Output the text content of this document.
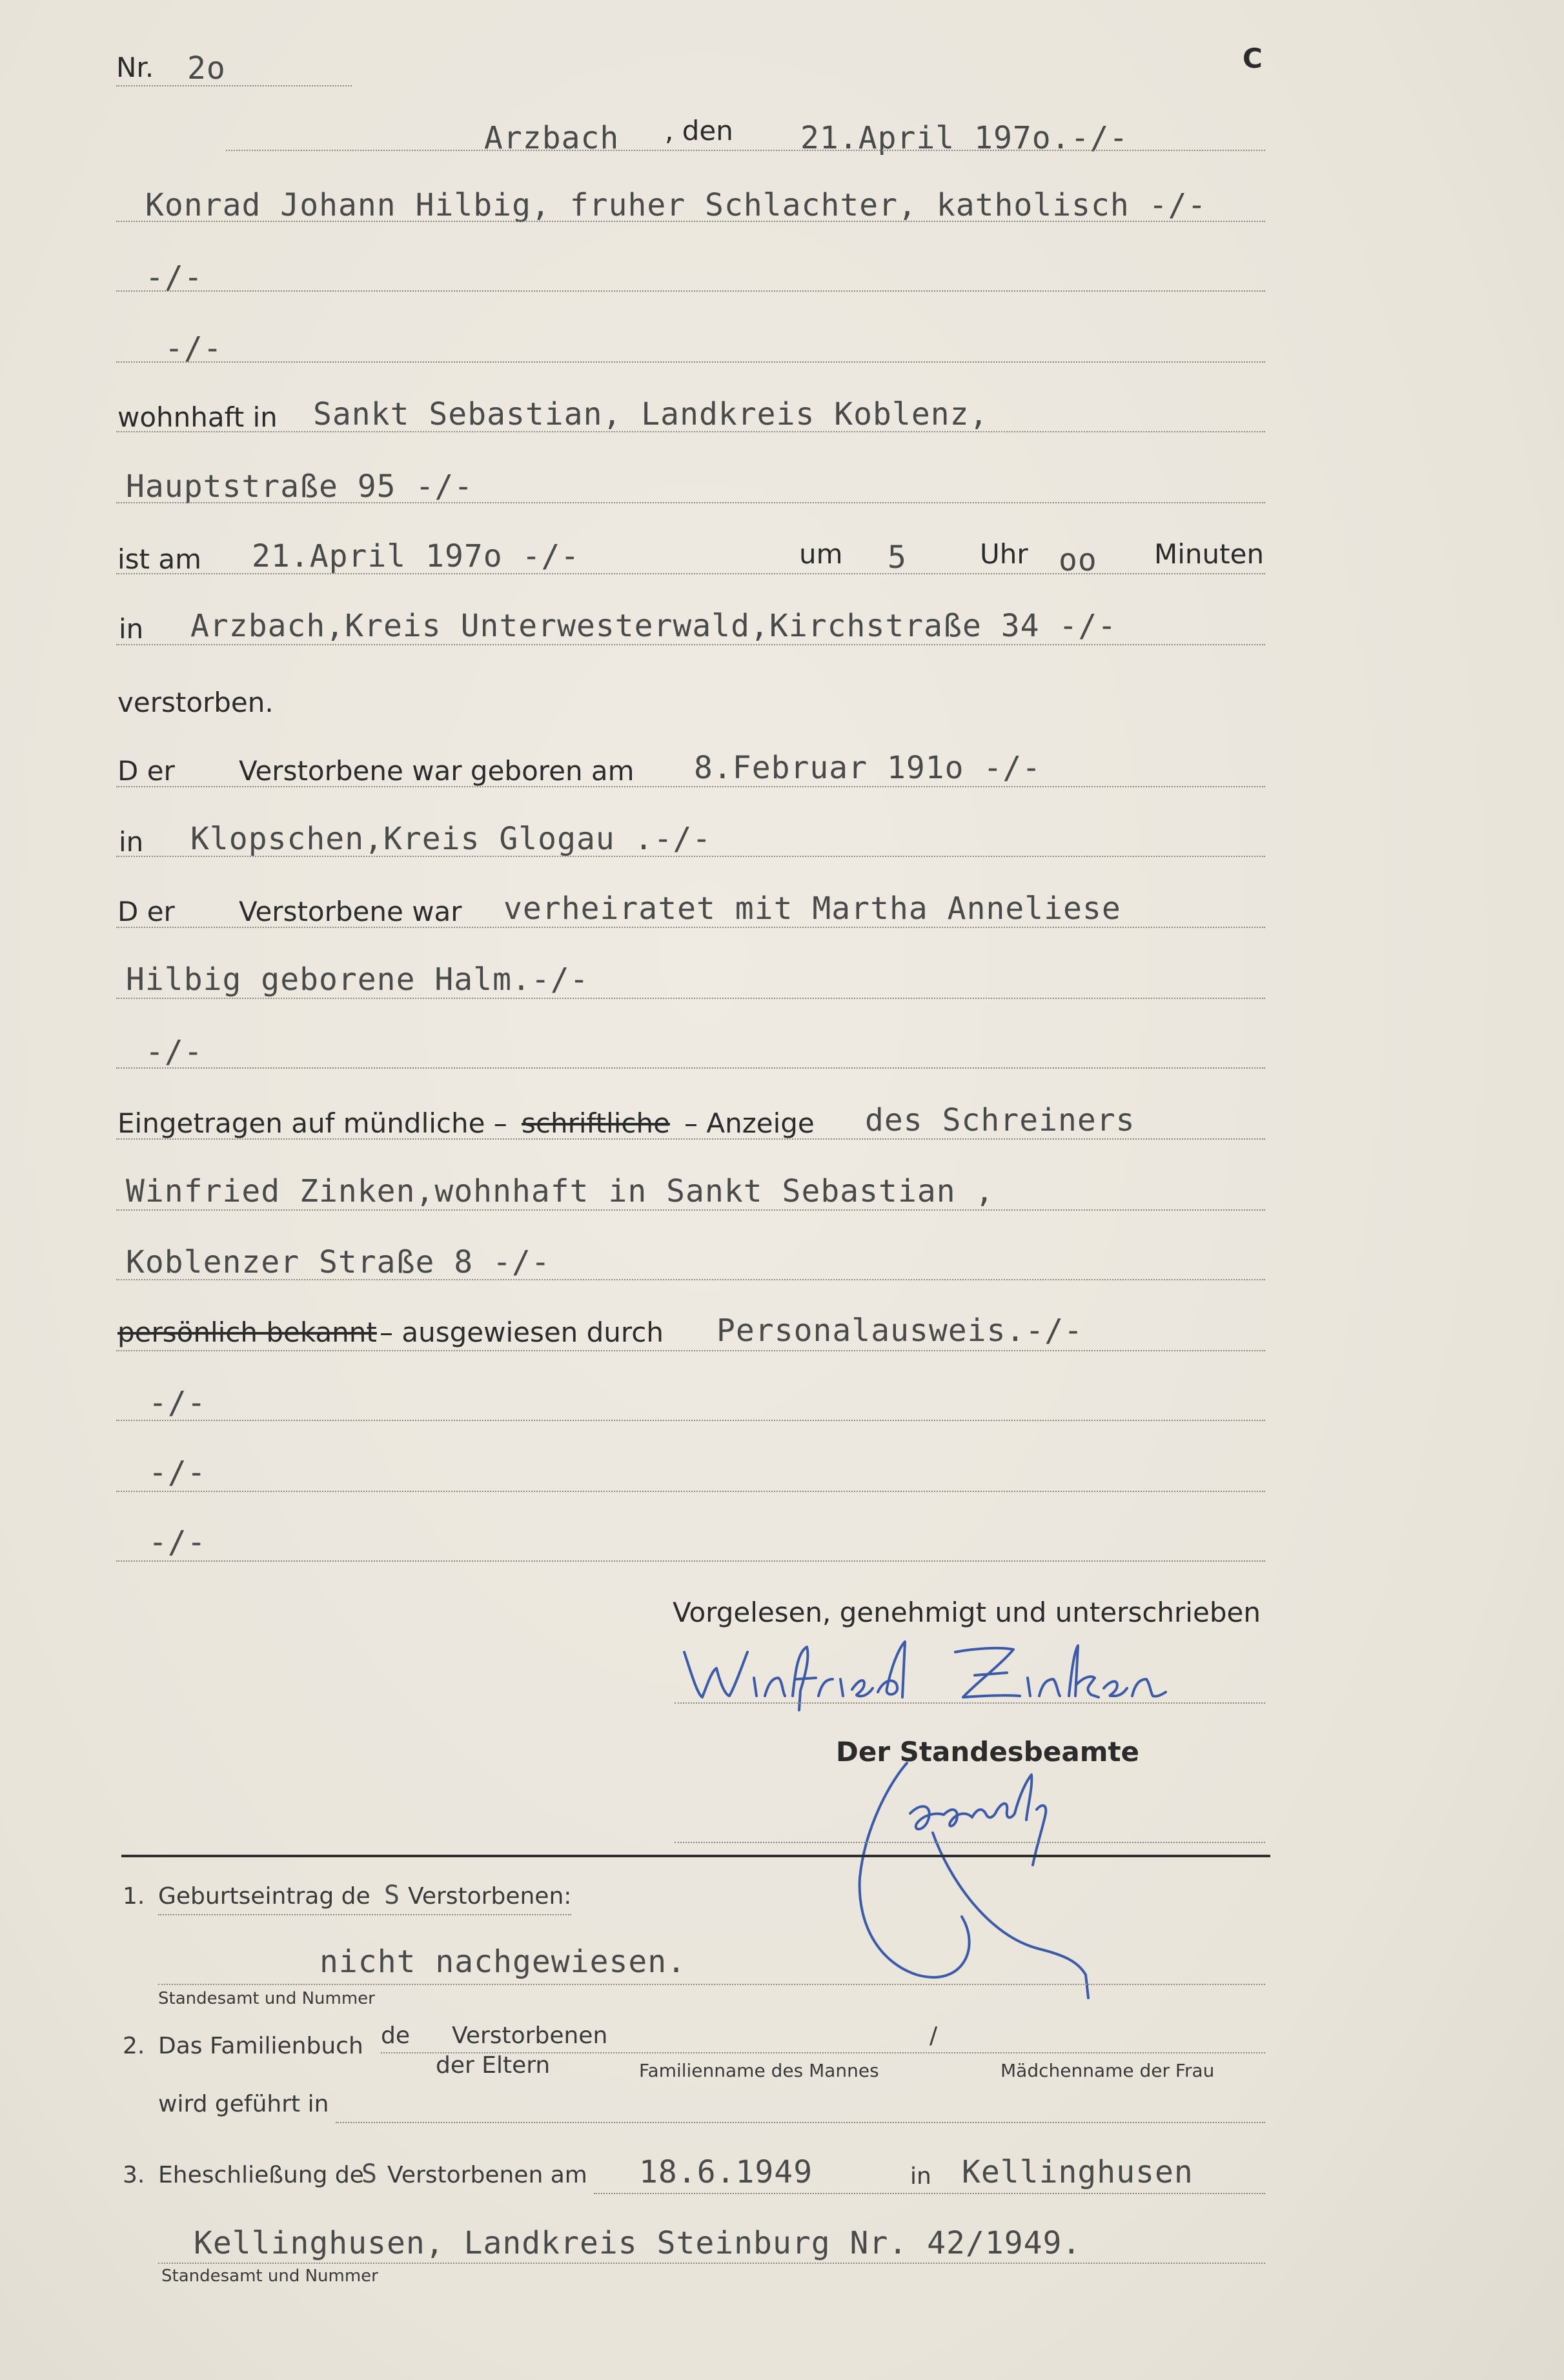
Nr. 2o	C
Arzbach , den 21.April 197o.-/-
Konrad Johann Hilbig, fruher Schlachter, katholisch -/-
-/-
-/-
wohnhaft in Sankt Sebastian, Landkreis Koblenz,
Hauptstraße 95 -/-
ist am 21.April 197o -/-	um 5	Uhr oo Minuten
in Arzbach,Kreis Unterwesterwald,Kirchstraße 34 -/-
verstorben.
D er Verstorbene war geboren am 8.Februar 191o -/-
in Klopschen,Kreis Glogau .-/-
D er Verstorbene war verheiratet mit Martha Anneliese
Hilbig geborene Halm.-/-
-/-
Eingetragen auf mündliche – schriftliche – Anzeige des Schreiners
Winfried Zinken,wohnhaft in Sankt Sebastian ,
Koblenzer Straße 8 -/-
persönlich bekannt – ausgewiesen durch Personalausweis.-/-
-/-
-/-
-/-
Vorgelesen, genehmigt und unterschrieben
Der Standesbeamte
1. Geburtseintrag de S Verstorbenen:
nicht nachgewiesen.
Standesamt und Nummer
2. Das Familienbuch de Verstorbenen	/
der Eltern	Familienname des Mannes	Mädchenname der Frau
wird geführt in
3. Eheschließung de
S Verstorbenen am 18.6.1949	in Kellinghusen
Kellinghusen, Landkreis Steinburg Nr. 42/1949.
Standesamt und Nummer
